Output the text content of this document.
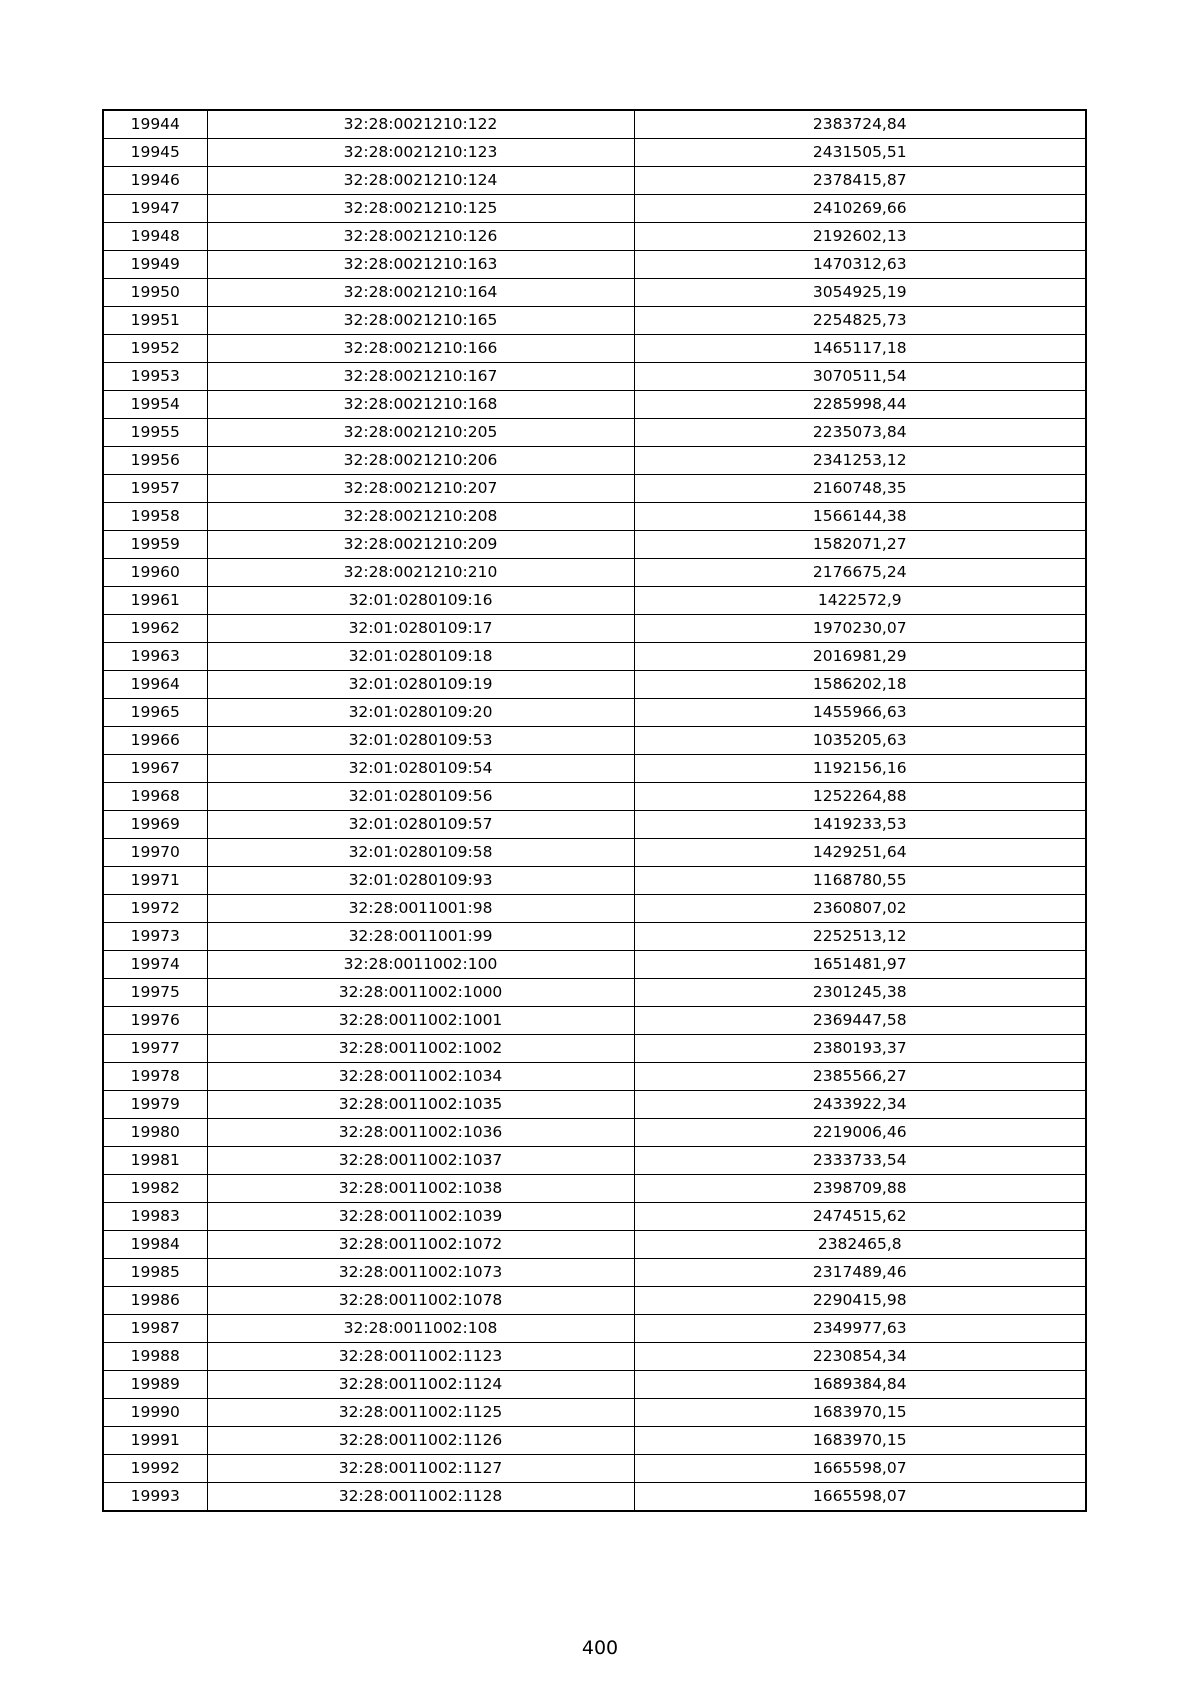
19944	32:28:0021210:122	2383724,84
19945	32:28:0021210:123	2431505,51
19946	32:28:0021210:124	2378415,87
19947	32:28:0021210:125	2410269,66
19948	32:28:0021210:126	2192602,13
19949	32:28:0021210:163	1470312,63
19950	32:28:0021210:164	3054925,19
19951	32:28:0021210:165	2254825,73
19952	32:28:0021210:166	1465117,18
19953	32:28:0021210:167	3070511,54
19954	32:28:0021210:168	2285998,44
19955	32:28:0021210:205	2235073,84
19956	32:28:0021210:206	2341253,12
19957	32:28:0021210:207	2160748,35
19958	32:28:0021210:208	1566144,38
19959	32:28:0021210:209	1582071,27
19960	32:28:0021210:210	2176675,24
19961	32:01:0280109:16	1422572,9
19962	32:01:0280109:17	1970230,07
19963	32:01:0280109:18	2016981,29
19964	32:01:0280109:19	1586202,18
19965	32:01:0280109:20	1455966,63
19966	32:01:0280109:53	1035205,63
19967	32:01:0280109:54	1192156,16
19968	32:01:0280109:56	1252264,88
19969	32:01:0280109:57	1419233,53
19970	32:01:0280109:58	1429251,64
19971	32:01:0280109:93	1168780,55
19972	32:28:0011001:98	2360807,02
19973	32:28:0011001:99	2252513,12
19974	32:28:0011002:100	1651481,97
19975	32:28:0011002:1000	2301245,38
19976	32:28:0011002:1001	2369447,58
19977	32:28:0011002:1002	2380193,37
19978	32:28:0011002:1034	2385566,27
19979	32:28:0011002:1035	2433922,34
19980	32:28:0011002:1036	2219006,46
19981	32:28:0011002:1037	2333733,54
19982	32:28:0011002:1038	2398709,88
19983	32:28:0011002:1039	2474515,62
19984	32:28:0011002:1072	2382465,8
19985	32:28:0011002:1073	2317489,46
19986	32:28:0011002:1078	2290415,98
19987	32:28:0011002:108	2349977,63
19988	32:28:0011002:1123	2230854,34
19989	32:28:0011002:1124	1689384,84
19990	32:28:0011002:1125	1683970,15
19991	32:28:0011002:1126	1683970,15
19992	32:28:0011002:1127	1665598,07
19993	32:28:0011002:1128	1665598,07
400
